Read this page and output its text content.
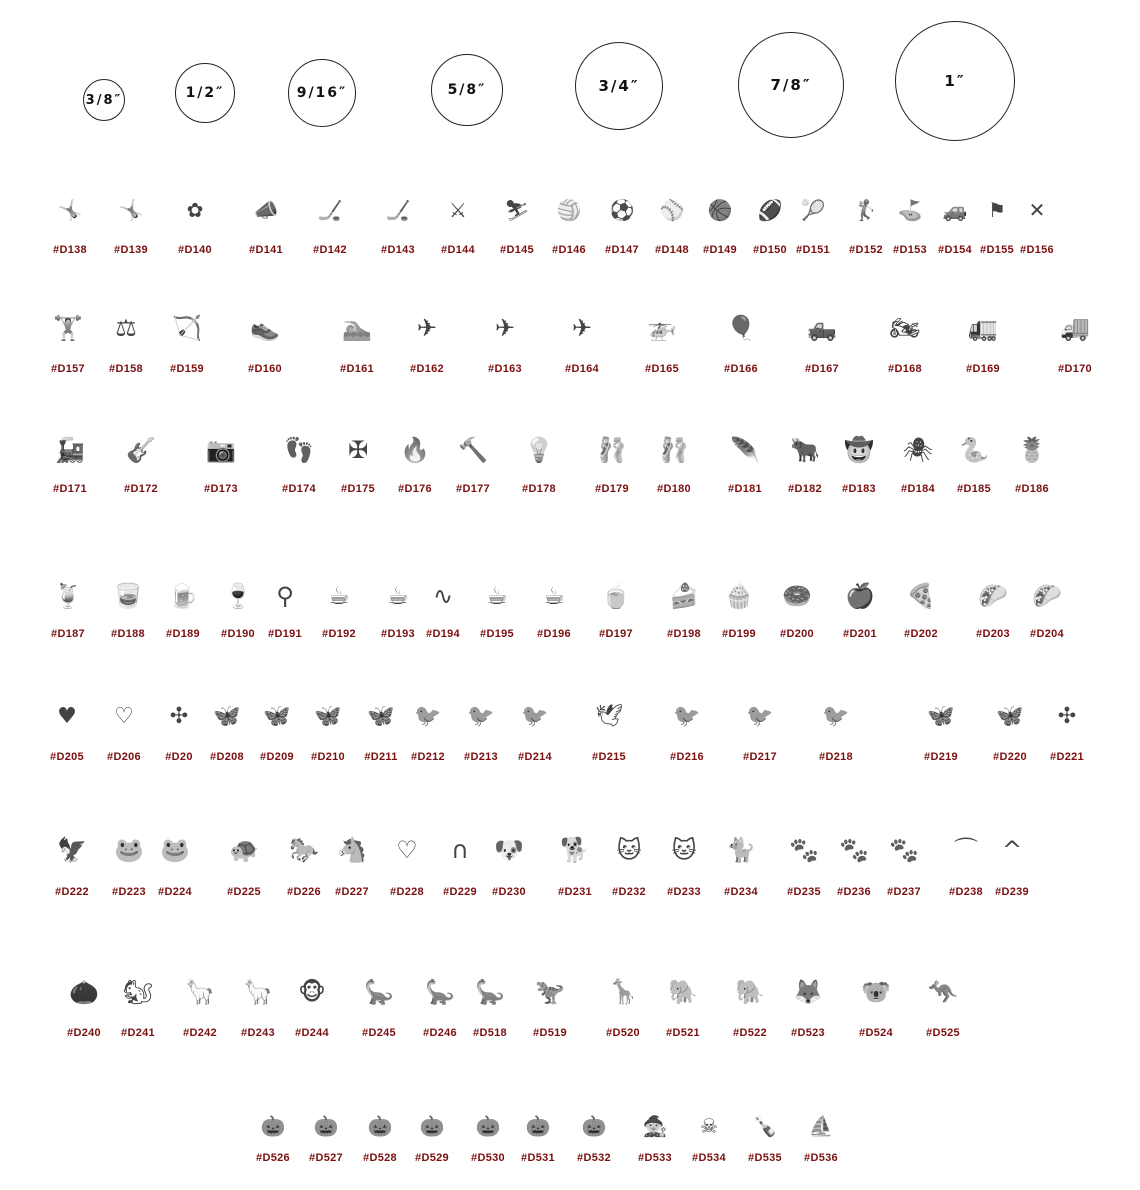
3/8″	1/2″	9/16″	5/8″	3/4″	7/8″	1″
🤸
#D138
🤸
#D139
✿
#D140
📣
#D141
🏒
#D142
🏒
#D143
⚔
#D144
⛷
#D145
🏐
#D146
⚽
#D147
⚾
#D148
🏀
#D149
🏈
#D150
🎾
#D151
🏌
#D152
⛳
#D153
🚙
#D154
⚑
#D155
✕
#D156
🏋
#D157
⚖
#D158
🏹
#D159
👟
#D160
🏊
#D161
✈
#D162
✈
#D163
✈
#D164
🚁
#D165
🎈
#D166
🛻
#D167
🏍
#D168
🚛
#D169
🚚
#D170
🚂
#D171
🎸
#D172
📷
#D173
👣
#D174
✠
#D175
🔥
#D176
🔨
#D177
💡
#D178
🩰
#D179
🩰
#D180
🪶
#D181
🐂
#D182
🤠
#D183
🕷
#D184
🐍
#D185
🍍
#D186
🍹
#D187
🥃
#D188
🍺
#D189
🍷
#D190
⚲
#D191
☕
#D192
☕
#D193
∿
#D194
☕
#D195
☕
#D196
🍵
#D197
🍰
#D198
🧁
#D199
🍩
#D200
🍎
#D201
🍕
#D202
🌮
#D203
🌮
#D204
♥
#D205
♡
#D206
✣
#D20
🦋
#D208
🦋
#D209
🦋
#D210
🦋
#D211
🐦
#D212
🐦
#D213
🐦
#D214
🕊
#D215
🐦
#D216
🐦
#D217
🐦
#D218
🦋
#D219
🦋
#D220
✣
#D221
🦅
#D222
🐸
#D223
🐸
#D224
🐢
#D225
🐎
#D226
🐴
#D227
♡
#D228
∩
#D229
🐶
#D230
🐕
#D231
🐱
#D232
🐱
#D233
🐈
#D234
🐾
#D235
🐾
#D236
🐾
#D237
⌒
#D238
^
#D239
🌰
#D240
🐿
#D241
🦙
#D242
🦙
#D243
🐵
#D244
🦕
#D245
🦕
#D246
🦕
#D518
🦖
#D519
🦒
#D520
🐘
#D521
🐘
#D522
🦊
#D523
🐨
#D524
🦘
#D525
🎃
#D526
🎃
#D527
🎃
#D528
🎃
#D529
🎃
#D530
🎃
#D531
🎃
#D532
🧙
#D533
☠
#D534
🍾
#D535
⛵
#D536
